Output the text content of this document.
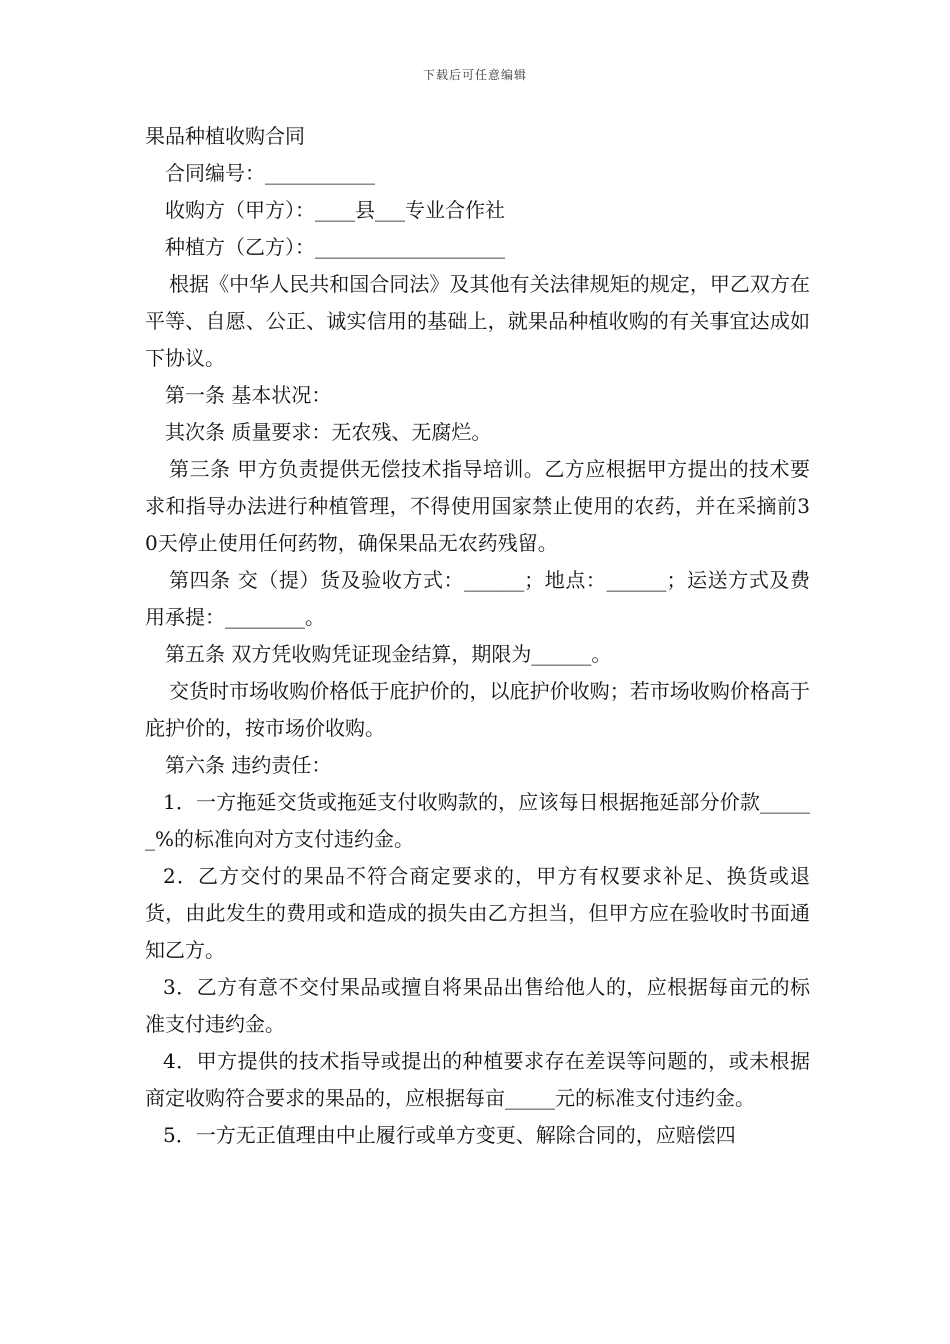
下载后可任意编辑

果品种植收购合同

合同编号：___________

收购方（甲方）：____县___专业合作社

种植方（乙方）：___________________

根据《中华人民共和国合同法》及其他有关法律规矩的规定，甲乙双方在平等、自愿、公正、诚实信用的基础上，就果品种植收购的有关事宜达成如下协议。

第一条 基本状况：

其次条 质量要求：无农残、无腐烂。

第三条 甲方负责提供无偿技术指导培训。乙方应根据甲方提出的技术要求和指导办法进行种植管理，不得使用国家禁止使用的农药，并在采摘前30天停止使用任何药物，确保果品无农药残留。

第四条 交（提）货及验收方式：______；地点：______；运送方式及费用承提：________。

第五条 双方凭收购凭证现金结算，期限为______。

交货时市场收购价格低于庇护价的，以庇护价收购；若市场收购价格高于庇护价的，按市场价收购。

第六条 违约责任：

1．一方拖延交货或拖延支付收购款的，应该每日根据拖延部分价款______%的标准向对方支付违约金。

2．乙方交付的果品不符合商定要求的，甲方有权要求补足、换货或退货，由此发生的费用或和造成的损失由乙方担当，但甲方应在验收时书面通知乙方。

3．乙方有意不交付果品或擅自将果品出售给他人的，应根据每亩元的标准支付违约金。

4．甲方提供的技术指导或提出的种植要求存在差误等问题的，或未根据商定收购符合要求的果品的，应根据每亩_____元的标准支付违约金。

5．一方无正值理由中止履行或单方变更、解除合同的，应赔偿四
